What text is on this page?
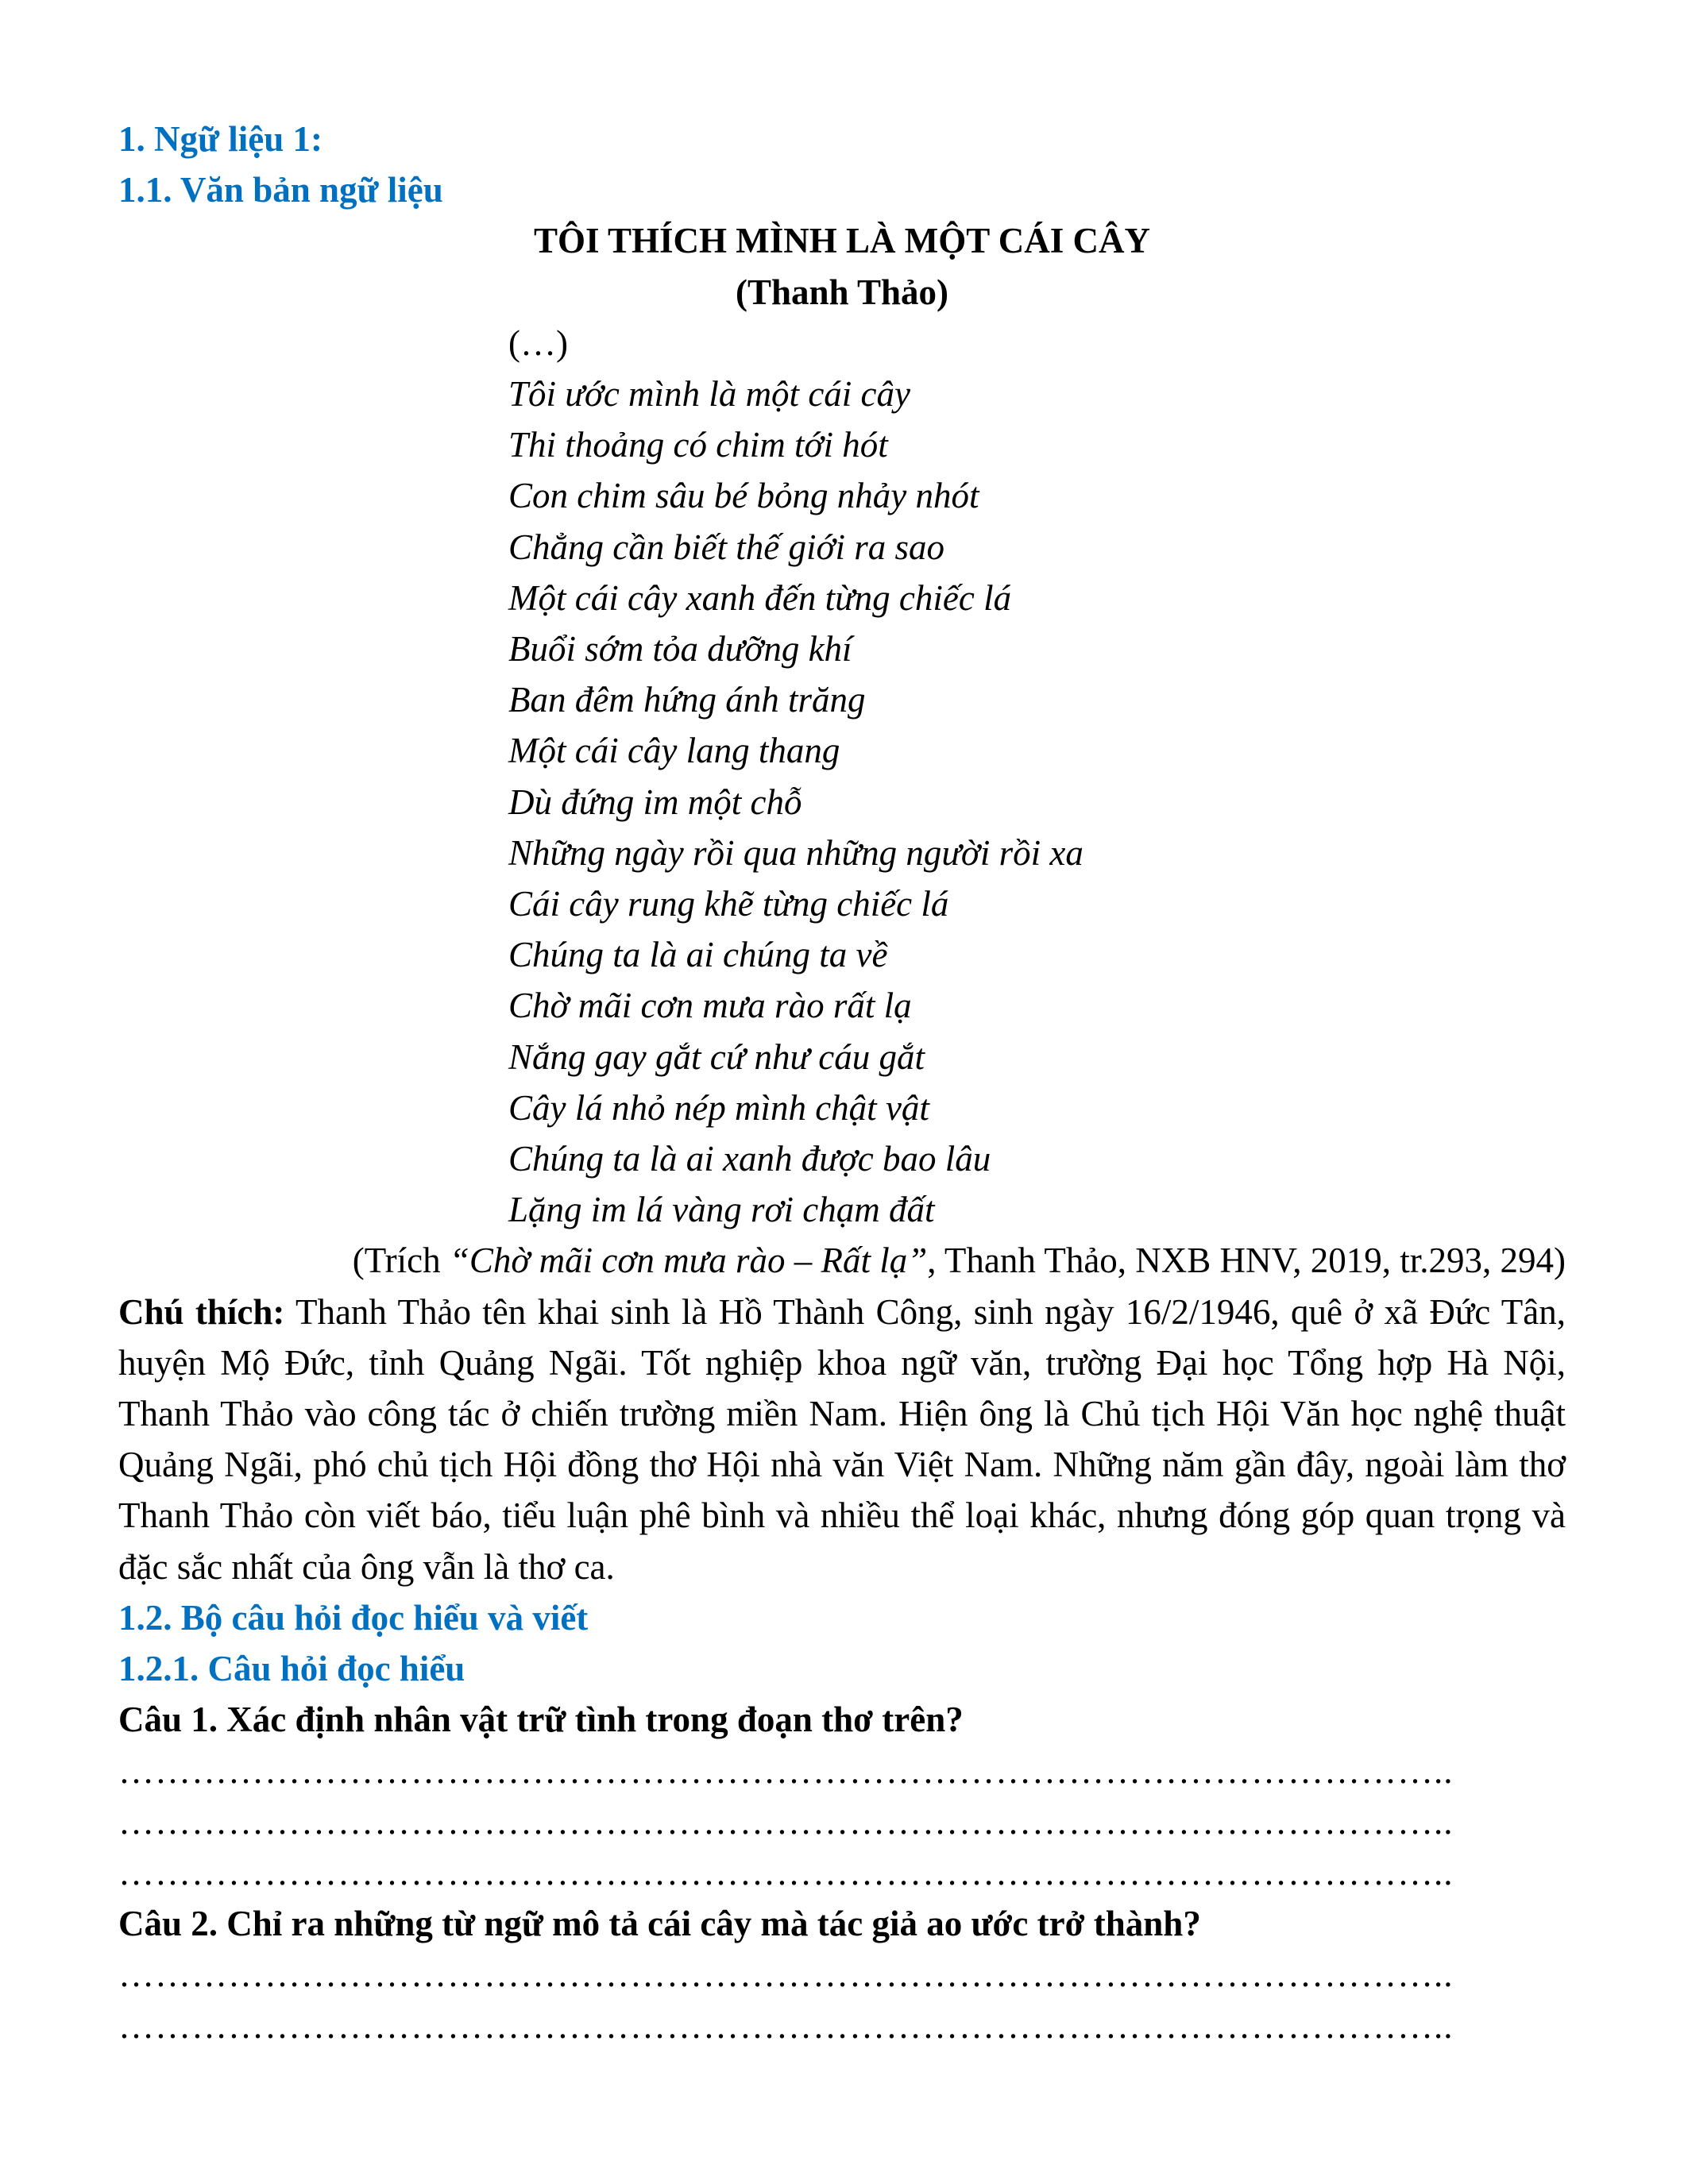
1. Ngữ liệu 1:
1.1. Văn bản ngữ liệu
TÔI THÍCH MÌNH LÀ MỘT CÁI CÂY
(Thanh Thảo)
(…)
Tôi ước mình là một cái cây
Thi thoảng có chim tới hót
Con chim sâu bé bỏng nhảy nhót
Chẳng cần biết thế giới ra sao
Một cái cây xanh đến từng chiếc lá
Buổi sớm tỏa dưỡng khí
Ban đêm hứng ánh trăng
Một cái cây lang thang
Dù đứng im một chỗ
Những ngày rồi qua những người rồi xa
Cái cây rung khẽ từng chiếc lá
Chúng ta là ai chúng ta về
Chờ mãi cơn mưa rào rất lạ
Nắng gay gắt cứ như cáu gắt
Cây lá nhỏ nép mình chật vật
Chúng ta là ai xanh được bao lâu
Lặng im lá vàng rơi chạm đất
(Trích “Chờ mãi cơn mưa rào – Rất lạ”, Thanh Thảo, NXB HNV, 2019, tr.293, 294)
Chú thích: Thanh Thảo tên khai sinh là Hồ Thành Công, sinh ngày 16/2/1946, quê ở xã Đức Tân, huyện Mộ Đức, tỉnh Quảng Ngãi. Tốt nghiệp khoa ngữ văn, trường Đại học Tổng hợp Hà Nội, Thanh Thảo vào công tác ở chiến trường miền Nam. Hiện ông là Chủ tịch Hội Văn học nghệ thuật Quảng Ngãi, phó chủ tịch Hội đồng thơ Hội nhà văn Việt Nam. Những năm gần đây, ngoài làm thơ Thanh Thảo còn viết báo, tiểu luận phê bình và nhiều thể loại khác, nhưng đóng góp quan trọng và đặc sắc nhất của ông vẫn là thơ ca.
1.2. Bộ câu hỏi đọc hiểu và viết
1.2.1. Câu hỏi đọc hiểu
Câu 1. Xác định nhân vật trữ tình trong đoạn thơ trên?
………………………………………………………………………………………………..
………………………………………………………………………………………………..
………………………………………………………………………………………………..
Câu 2. Chỉ ra những từ ngữ mô tả cái cây mà tác giả ao ước trở thành?
………………………………………………………………………………………………..
………………………………………………………………………………………………..
